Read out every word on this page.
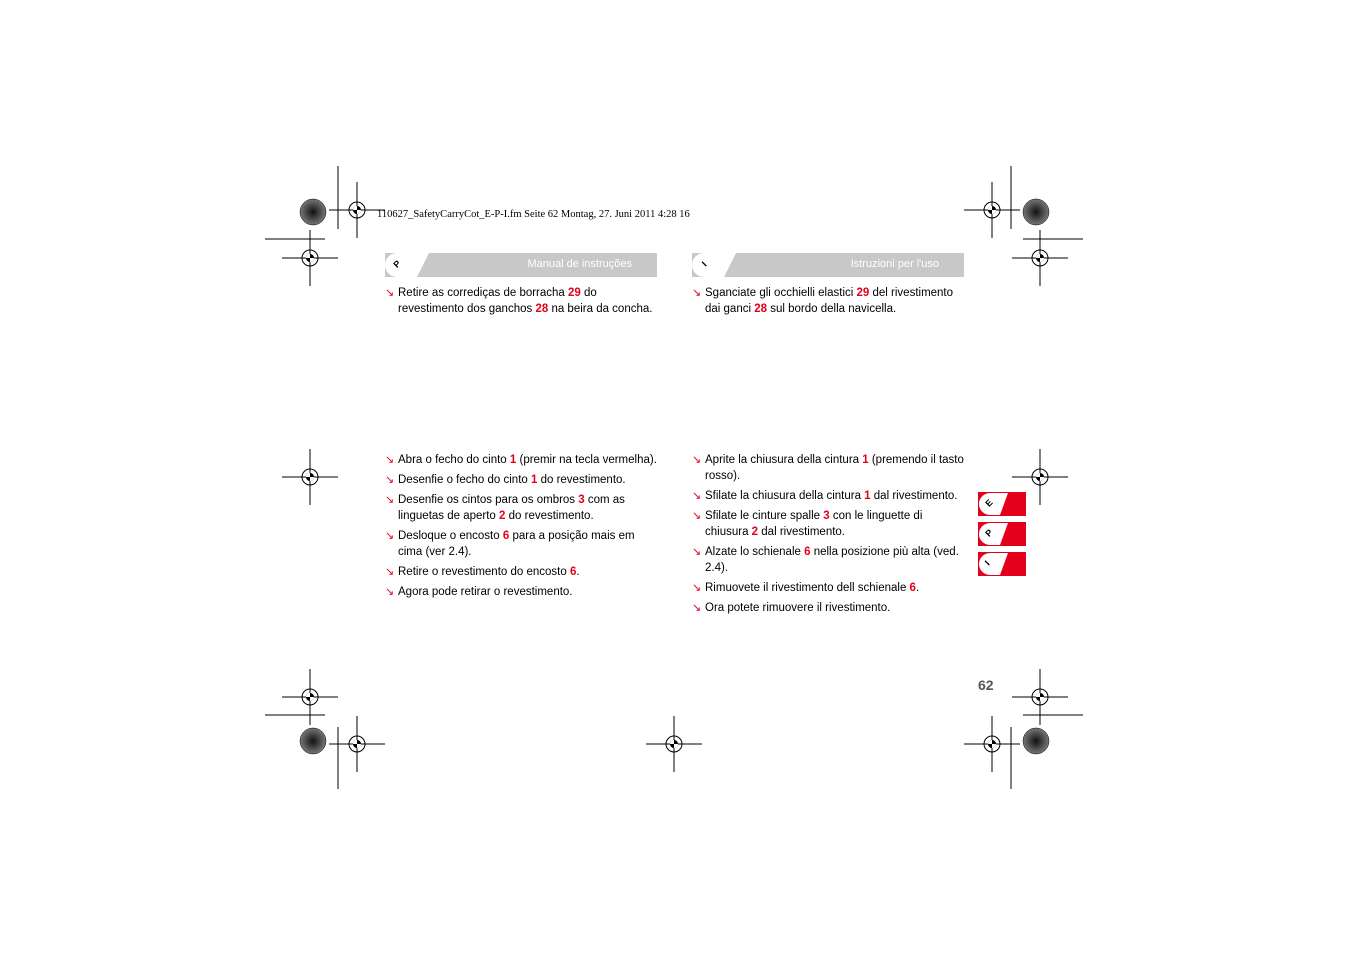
110627_SafetyCarryCot_E-P-I.fm Seite 62 Montag, 27. Juni 2011 4:28 16
P	Manual de instruções	I	Istruzioni per l'uso
↘ Retire as corrediças de borracha 29 do revestimento dos ganchos 28 na beira da concha.
↘ Sganciate gli occhielli elastici 29 del rivestimento dai ganci 28 sul bordo della navicella.
↘ Abra o fecho do cinto 1 (premir na tecla vermelha).
↘ Desenfie o fecho do cinto 1 do revestimento.
↘ Desenfie os cintos para os ombros 3 com as linguetas de aperto 2 do revestimento.
↘ Desloque o encosto 6 para a posição mais em cima (ver 2.4).
↘ Retire o revestimento do encosto 6.
↘ Agora pode retirar o revestimento.
↘ Aprite la chiusura della cintura 1 (premendo il tasto rosso).
↘ Sfilate la chiusura della cintura 1 dal rivestimento.
↘ Sfilate le cinture spalle 3 con le linguette di chiusura 2 dal rivestimento.
↘ Alzate lo schienale 6 nella posizione più alta (ved. 2.4).
↘ Rimuovete il rivestimento dell schienale 6.
↘ Ora potete rimuovere il rivestimento.
E
P
I
62
